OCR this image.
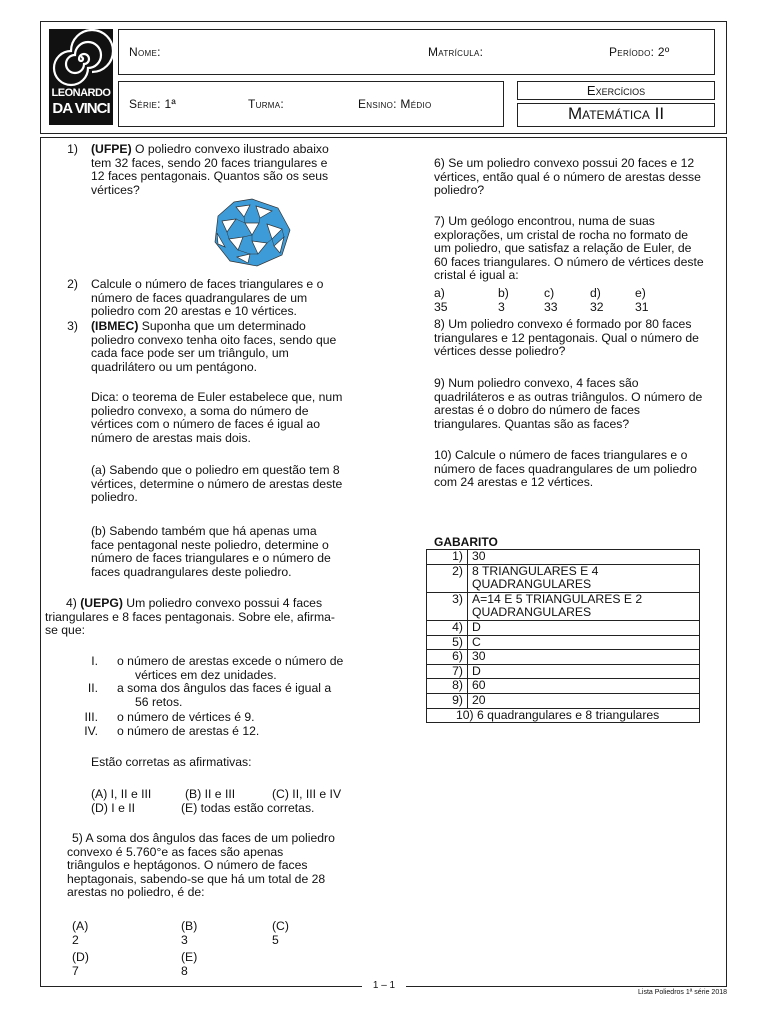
LEONARDO
DA VINCI
Nome:	Matrícula:	Período: 2º
Série: 1ª	Turma:	Ensino: Médio
Exercícios
Matemática II
1 – 1
Lista Poliedros 1ª série 2018
1) (UFPE) O poliedro convexo ilustrado abaixo
tem 32 faces, sendo 20 faces triangulares e
12 faces pentagonais. Quantos são os seus
vértices?
2) Calcule o número de faces triangulares e o
número de faces quadrangulares de um
poliedro com 20 arestas e 10 vértices.
3) (IBMEC) Suponha que um determinado
poliedro convexo tenha oito faces, sendo que
cada face pode ser um triângulo, um
quadrilátero ou um pentágono.
Dica: o teorema de Euler estabelece que, num
poliedro convexo, a soma do número de
vértices com o número de faces é igual ao
número de arestas mais dois.
(a) Sabendo que o poliedro em questão tem 8
vértices, determine o número de arestas deste
poliedro.
(b) Sabendo também que há apenas uma
face pentagonal neste poliedro, determine o
número de faces triangulares e o número de
faces quadrangulares deste poliedro.
4) (UEPG) Um poliedro convexo possui 4 faces
triangulares e 8 faces pentagonais. Sobre ele, afirma-
se que:
I. o número de arestas excede o número de
vértices em dez unidades.
II. a soma dos ângulos das faces é igual a
56 retos.
III. o número de vértices é 9.
IV. o número de arestas é 12.
Estão corretas as afirmativas:
(A) I, II e III	(B) II e III	(C) II, III e IV
(D) I e II	(E) todas estão corretas.
5) A soma dos ângulos das faces de um poliedro
convexo é 5.760°e as faces são apenas
triângulos e heptágonos. O número de faces
heptagonais, sabendo-se que há um total de 28
arestas no poliedro, é de:
(A) 2
(B) 3
(C) 5
(D) 7
(E) 8
6) Se um poliedro convexo possui 20 faces e 12
vértices, então qual é o número de arestas desse
poliedro?
7) Um geólogo encontrou, numa de suas
explorações, um cristal de rocha no formato de
um poliedro, que satisfaz a relação de Euler, de
60 faces triangulares. O número de vértices deste
cristal é igual a:
a) 35
b) 3
c) 33
d) 32
e) 31
8) Um poliedro convexo é formado por 80 faces
triangulares e 12 pentagonais. Qual o número de
vértices desse poliedro?
9) Num poliedro convexo, 4 faces são
quadriláteros e as outras triângulos. O número de
arestas é o dobro do número de faces
triangulares. Quantas são as faces?
10) Calcule o número de faces triangulares e o
número de faces quadrangulares de um poliedro
com 24 arestas e 12 vértices.
GABARITO
1)	30
2)	8 TRIANGULARES E 4
QUADRANGULARES

3)	A=14 E 5 TRIANGULARES E 2
QUADRANGULARES

4)	D
5)	C
6)	30
7)	D
8)	60
9)	20
10) 6 quadrangulares e 8 triangulares	
